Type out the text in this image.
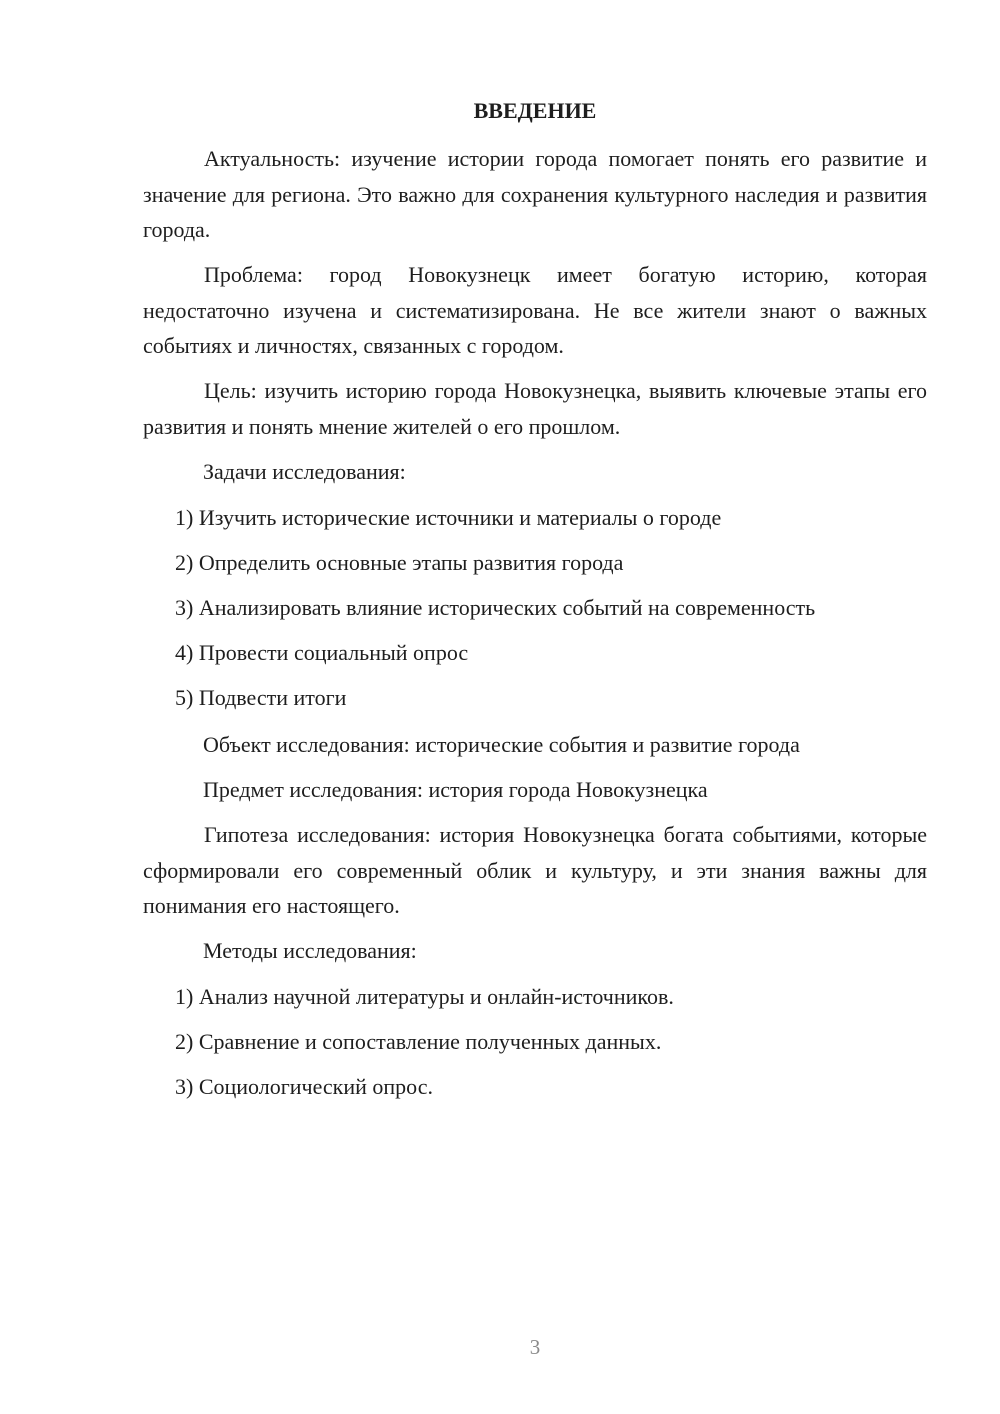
ВВЕДЕНИЕ

Актуальность: изучение истории города помогает понять его развитие и значение для региона. Это важно для сохранения культурного наследия и развития города.

Проблема: город Новокузнецк имеет богатую историю, которая недостаточно изучена и систематизирована. Не все жители знают о важных событиях и личностях, связанных с городом.

Цель: изучить историю города Новокузнецка, выявить ключевые этапы его развития и понять мнение жителей о его прошлом.

Задачи исследования:

1) Изучить исторические источники и материалы о городе

2) Определить основные этапы развития города

3) Анализировать влияние исторических событий на современность

4) Провести социальный опрос

5) Подвести итоги

Объект исследования: исторические события и развитие города

Предмет исследования: история города Новокузнецка

Гипотеза исследования: история Новокузнецка богата событиями, которые сформировали его современный облик и культуру, и эти знания важны для понимания его настоящего.

Методы исследования:

1) Анализ научной литературы и онлайн-источников.

2) Сравнение и сопоставление полученных данных.

3) Социологический опрос.

3
